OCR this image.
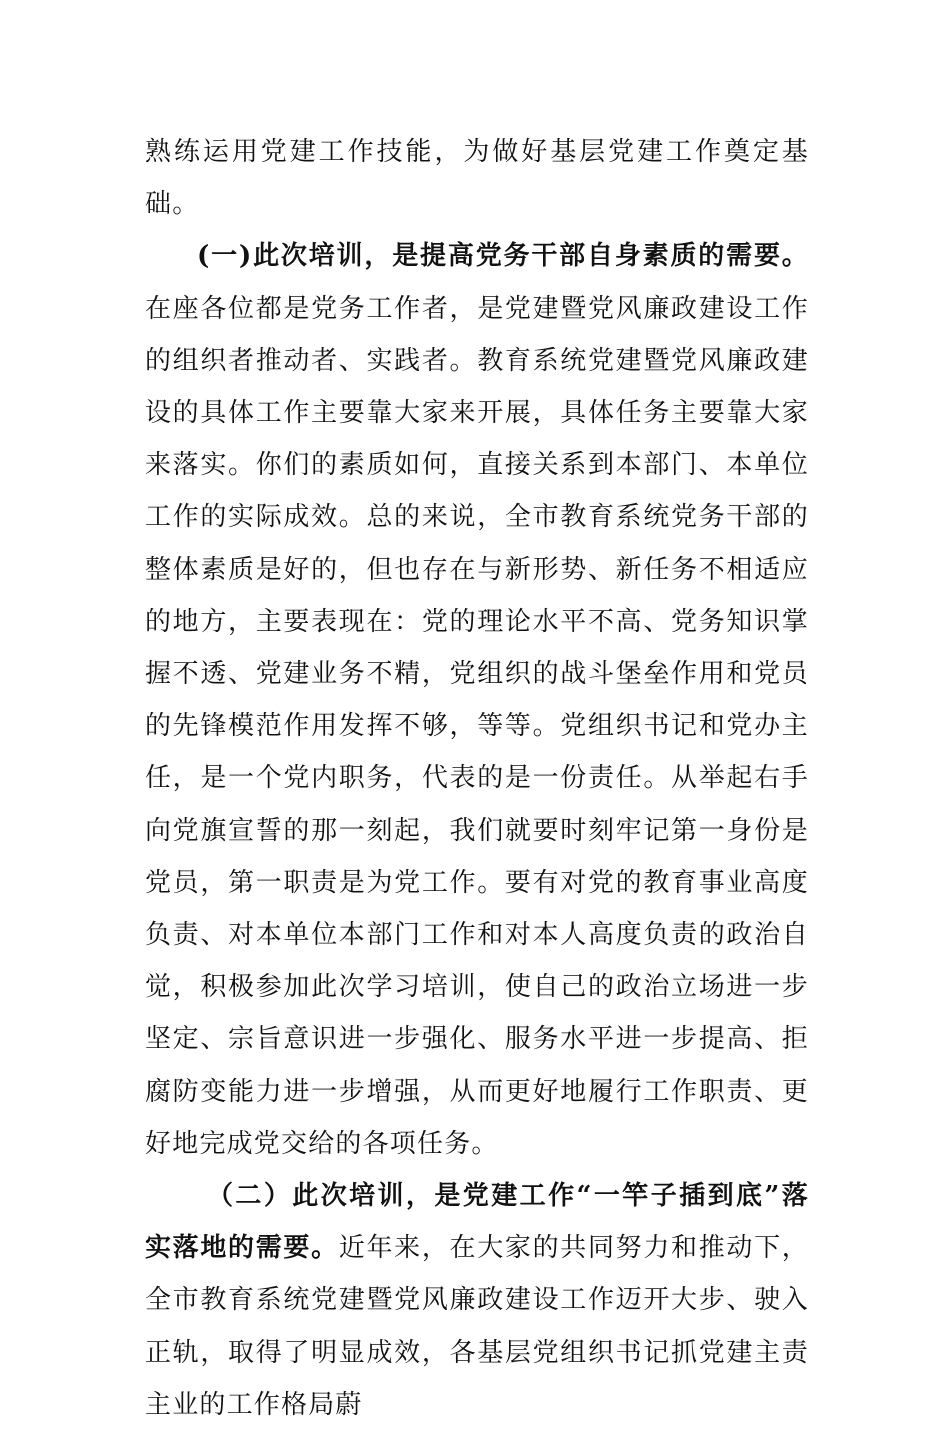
熟练运用党建工作技能，为做好基层党建工作奠定基础。

(一)此次培训，是提高党务干部自身素质的需要。在座各位都是党务工作者，是党建暨党风廉政建设工作的组织者推动者、实践者。教育系统党建暨党风廉政建设的具体工作主要靠大家来开展，具体任务主要靠大家来落实。你们的素质如何，直接关系到本部门、本单位工作的实际成效。总的来说，全市教育系统党务干部的整体素质是好的，但也存在与新形势、新任务不相适应的地方，主要表现在：党的理论水平不高、党务知识掌握不透、党建业务不精，党组织的战斗堡垒作用和党员的先锋模范作用发挥不够，等等。党组织书记和党办主任，是一个党内职务，代表的是一份责任。从举起右手向党旗宣誓的那一刻起，我们就要时刻牢记第一身份是党员，第一职责是为党工作。要有对党的教育事业高度负责、对本单位本部门工作和对本人高度负责的政治自觉，积极参加此次学习培训，使自己的政治立场进一步坚定、宗旨意识进一步强化、服务水平进一步提高、拒腐防变能力进一步增强，从而更好地履行工作职责、更好地完成党交给的各项任务。

（二）此次培训，是党建工作“一竿子插到底”落实落地的需要。近年来，在大家的共同努力和推动下，全市教育系统党建暨党风廉政建设工作迈开大步、驶入正轨，取得了明显成效，各基层党组织书记抓党建主责主业的工作格局蔚
